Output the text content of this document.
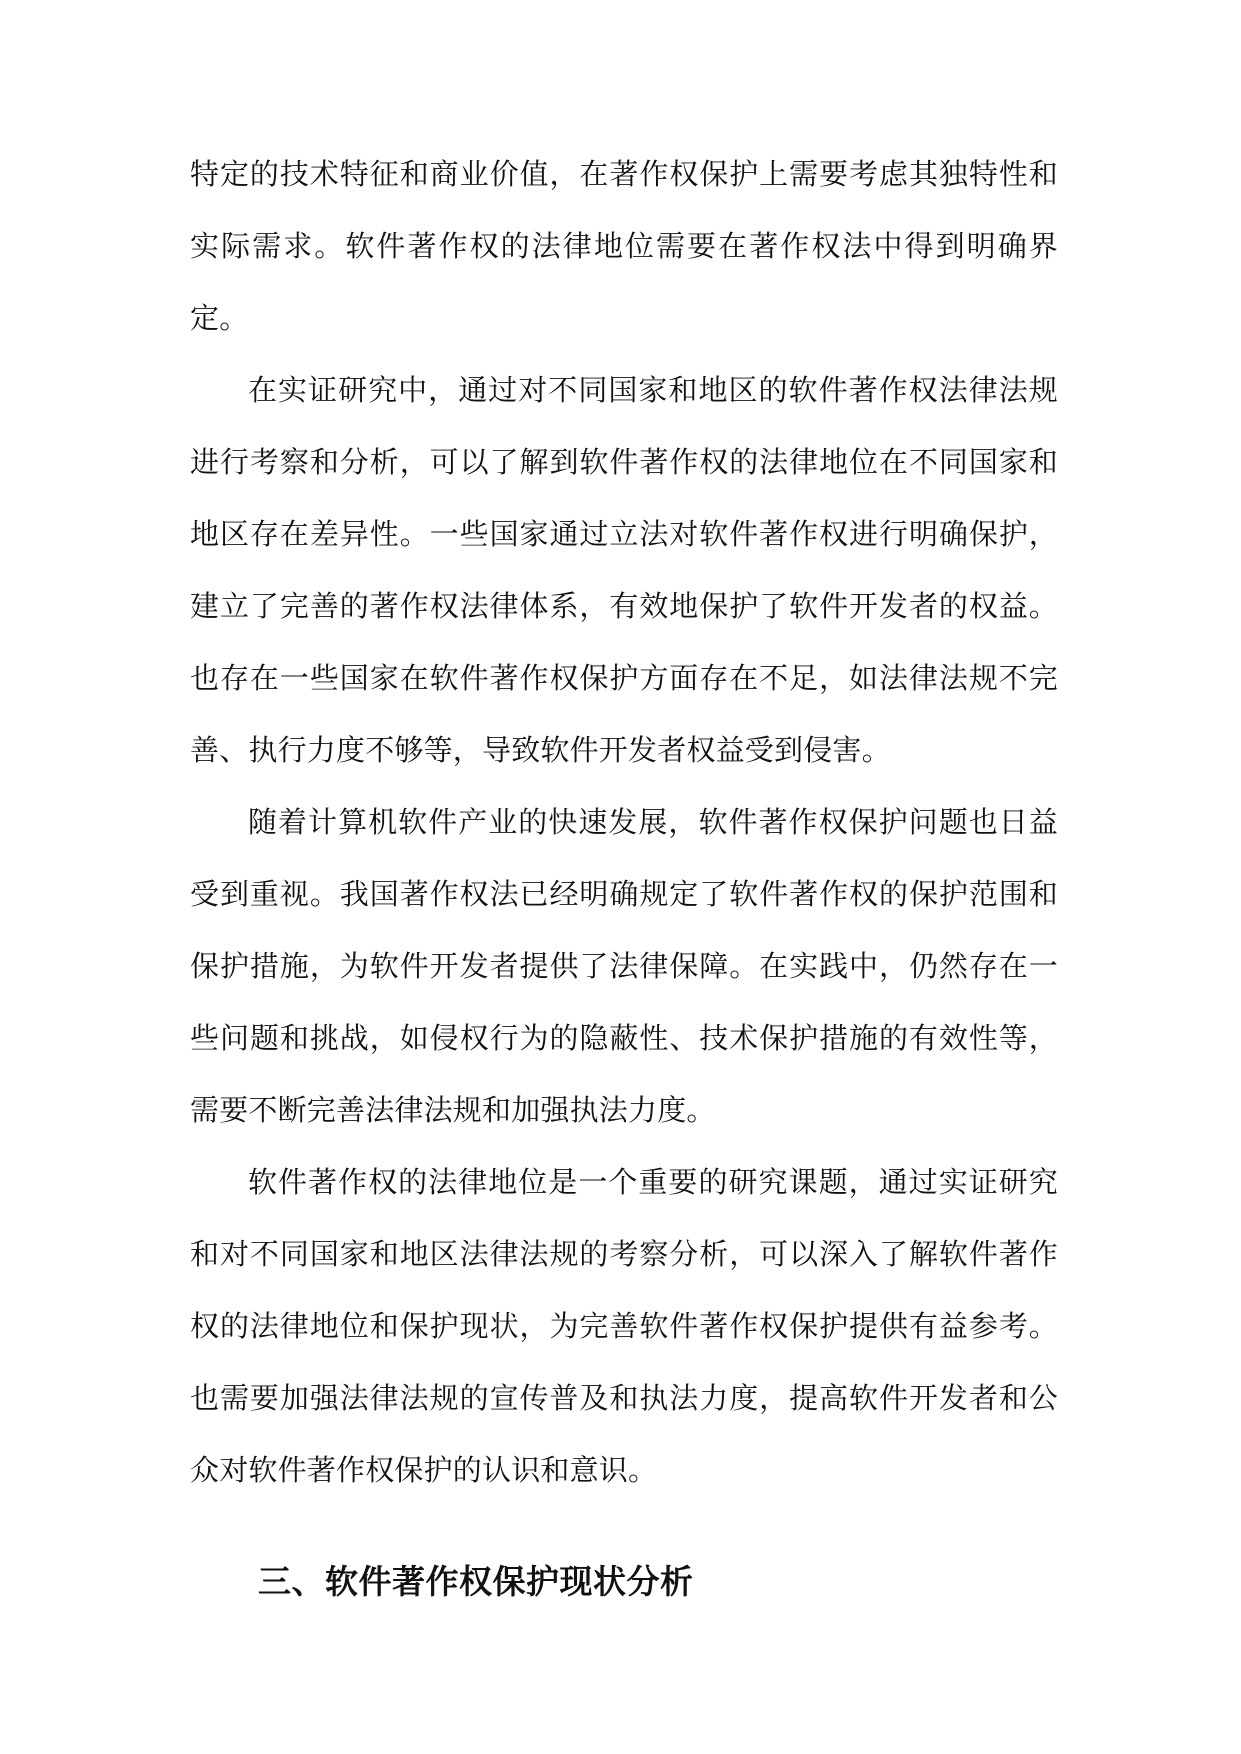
特定的技术特征和商业价值，在著作权保护上需要考虑其独特性和实际需求。软件著作权的法律地位需要在著作权法中得到明确界定。

在实证研究中，通过对不同国家和地区的软件著作权法律法规进行考察和分析，可以了解到软件著作权的法律地位在不同国家和地区存在差异性。一些国家通过立法对软件著作权进行明确保护，建立了完善的著作权法律体系，有效地保护了软件开发者的权益。也存在一些国家在软件著作权保护方面存在不足，如法律法规不完善、执行力度不够等，导致软件开发者权益受到侵害。

随着计算机软件产业的快速发展，软件著作权保护问题也日益受到重视。我国著作权法已经明确规定了软件著作权的保护范围和保护措施，为软件开发者提供了法律保障。在实践中，仍然存在一些问题和挑战，如侵权行为的隐蔽性、技术保护措施的有效性等，需要不断完善法律法规和加强执法力度。

软件著作权的法律地位是一个重要的研究课题，通过实证研究和对不同国家和地区法律法规的考察分析，可以深入了解软件著作权的法律地位和保护现状，为完善软件著作权保护提供有益参考。也需要加强法律法规的宣传普及和执法力度，提高软件开发者和公众对软件著作权保护的认识和意识。

三、软件著作权保护现状分析
